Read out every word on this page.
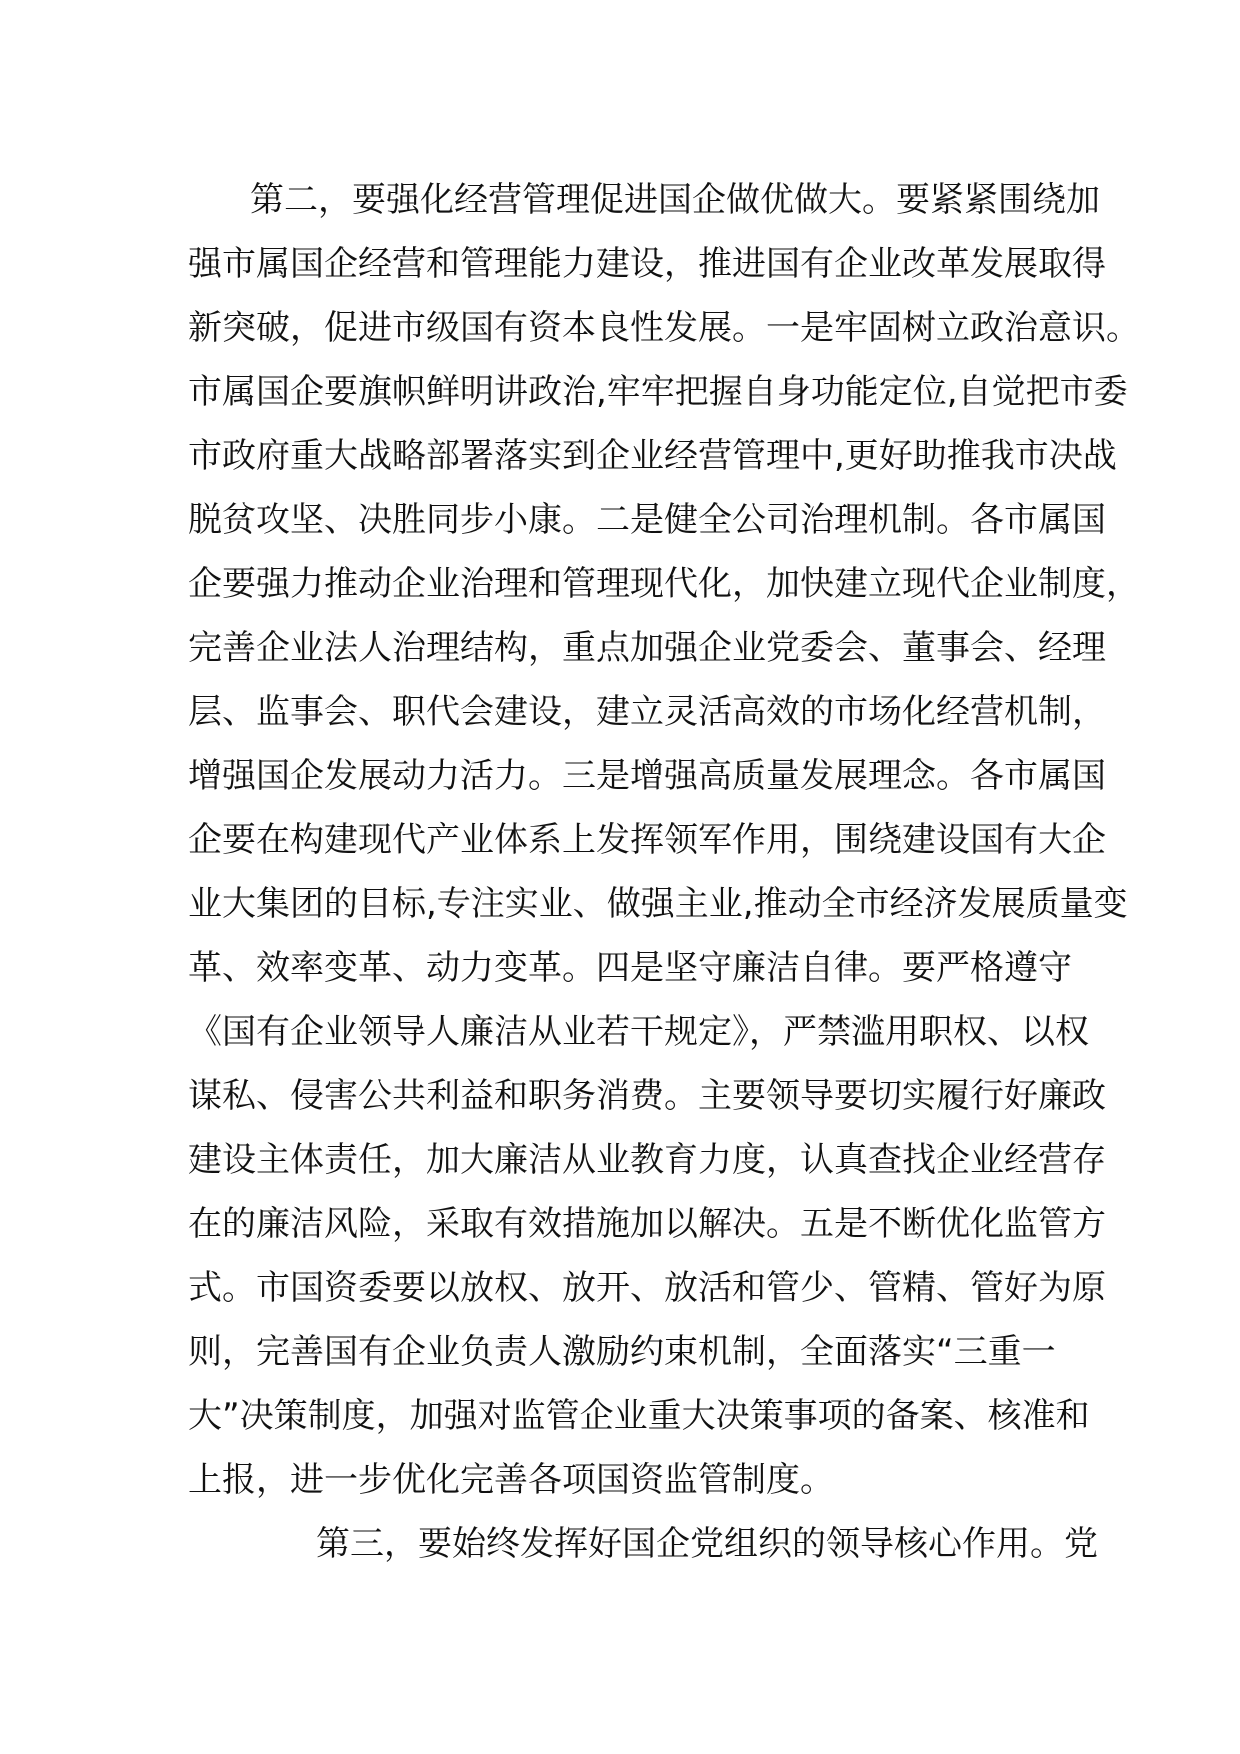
第二，要强化经营管理促进国企做优做大。要紧紧围绕加
强市属国企经营和管理能力建设，推进国有企业改革发展取得
新突破，促进市级国有资本良性发展。一是牢固树立政治意识。
市属国企要旗帜鲜明讲政治,牢牢把握自身功能定位,自觉把市委
市政府重大战略部署落实到企业经营管理中,更好助推我市决战
脱贫攻坚、决胜同步小康。二是健全公司治理机制。各市属国
企要强力推动企业治理和管理现代化，加快建立现代企业制度，
完善企业法人治理结构，重点加强企业党委会、董事会、经理
层、监事会、职代会建设，建立灵活高效的市场化经营机制，
增强国企发展动力活力。三是增强高质量发展理念。各市属国
企要在构建现代产业体系上发挥领军作用，围绕建设国有大企
业大集团的目标,专注实业、做强主业,推动全市经济发展质量变
革、效率变革、动力变革。四是坚守廉洁自律。要严格遵守
《国有企业领导人廉洁从业若干规定》，严禁滥用职权、以权
谋私、侵害公共利益和职务消费。主要领导要切实履行好廉政
建设主体责任，加大廉洁从业教育力度，认真查找企业经营存
在的廉洁风险，采取有效措施加以解决。五是不断优化监管方
式。市国资委要以放权、放开、放活和管少、管精、管好为原
则，完善国有企业负责人激励约束机制，全面落实“三重一
大”决策制度，加强对监管企业重大决策事项的备案、核准和
上报，进一步优化完善各项国资监管制度。
第三，要始终发挥好国企党组织的领导核心作用。党
